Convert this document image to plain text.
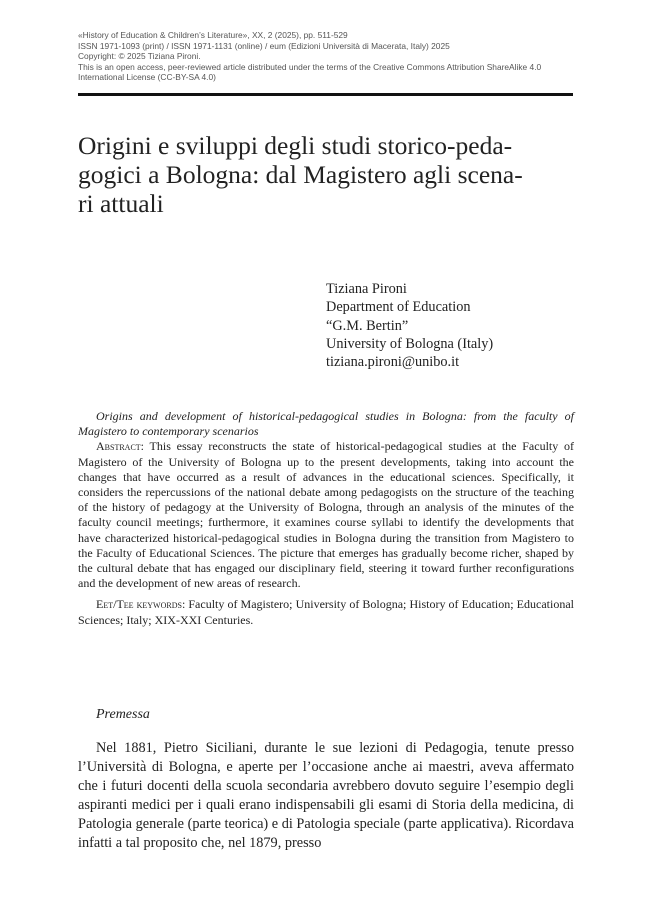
«History of Education & Children’s Literature», XX, 2 (2025), pp. 511-529
ISSN 1971-1093 (print) / ISSN 1971-1131 (online) / eum (Edizioni Università di Macerata, Italy) 2025
Copyright: © 2025 Tiziana Pironi.
This is an open access, peer-reviewed article distributed under the terms of the Creative Commons Attribution ShareAlike 4.0
International License (CC-BY-SA 4.0)
Origini e sviluppi degli studi storico-peda-
gogici a Bologna: dal Magistero agli scena-
ri attuali
Tiziana Pironi
Department of Education
“G.M. Bertin”
University of Bologna (Italy)
tiziana.pironi@unibo.it

Origins and development of historical-pedagogical studies in Bologna: from the faculty of Magistero to contemporary scenarios

Abstract: This essay reconstructs the state of historical-pedagogical studies at the Faculty of Magistero of the University of Bologna up to the present developments, taking into account the changes that have occurred as a result of advances in the educational sciences. Specifically, it considers the repercussions of the national debate among pedagogists on the structure of the teaching of the history of pedagogy at the University of Bologna, through an analysis of the minutes of the faculty council meetings; furthermore, it examines course syllabi to identify the developments that have characterized historical-pedagogical studies in Bologna during the transition from Magistero to the Faculty of Educational Sciences. The picture that emerges has gradually become richer, shaped by the cultural debate that has engaged our disciplinary field, steering it toward further reconfigurations and the development of new areas of research.

Eet/Tee keywords: Faculty of Magistero; University of Bologna; History of Education; Educational Sciences; Italy; XIX-XXI Centuries.

Premessa

Nel 1881, Pietro Siciliani, durante le sue lezioni di Pedagogia, tenute presso l’Università di Bologna, e aperte per l’occasione anche ai maestri, aveva affermato che i futuri docenti della scuola secondaria avrebbero dovuto seguire l’esempio degli aspiranti medici per i quali erano indispensabili gli esami di Storia della medicina, di Patologia generale (parte teorica) e di Patologia speciale (parte applicativa). Ricordava infatti a tal proposito che, nel 1879, presso
